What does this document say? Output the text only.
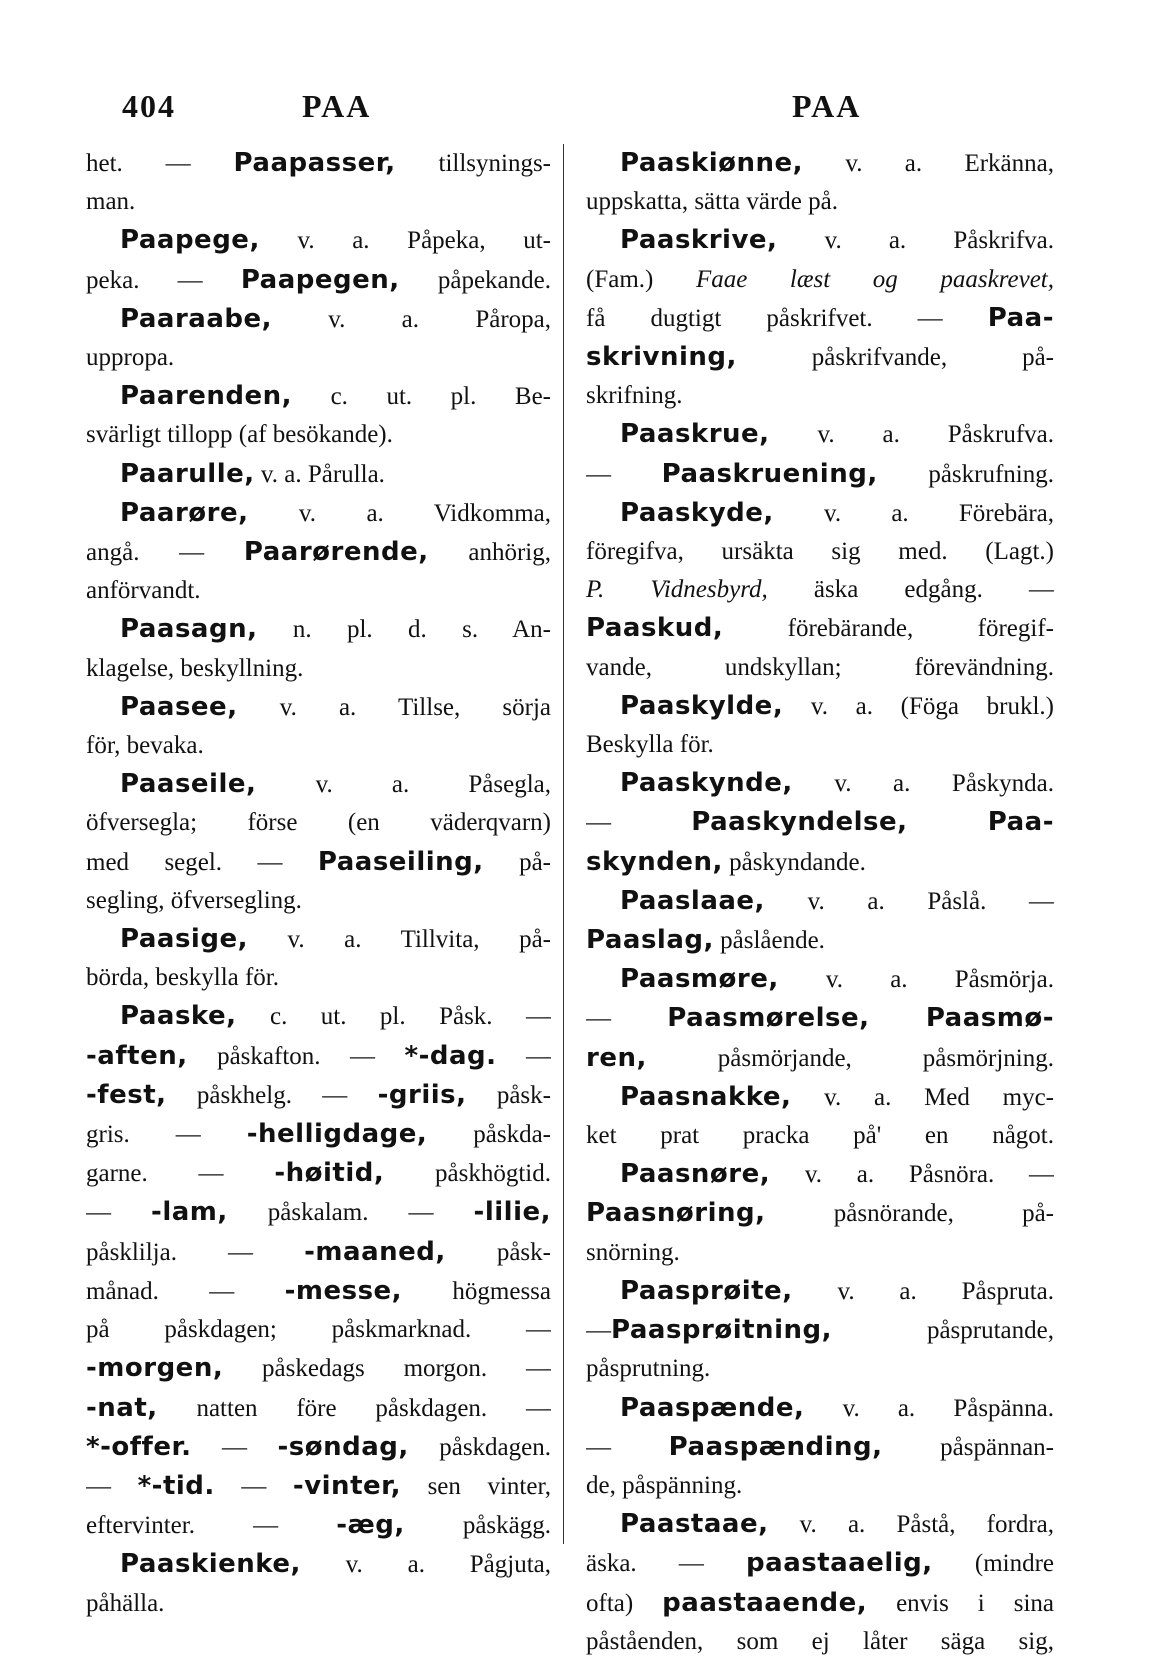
404	PAA	PAA
het. — Paapasser, tillsynings-
man.
Paapege, v. a. Påpeka, ut-
peka. — Paapegen, påpekande.
Paaraabe, v. a. Påropa,
uppropa.
Paarenden, c. ut. pl. Be-
svärligt tillopp (af besökande).
Paarulle, v. a. Pårulla.
Paarøre, v. a. Vidkomma,
angå. — Paarørende, anhörig,
anförvandt.
Paasagn, n. pl. d. s. An-
klagelse, beskyllning.
Paasee, v. a. Tillse, sörja
för, bevaka.
Paaseile, v. a. Påsegla,
öfversegla; förse (en väderqvarn)
med segel. — Paaseiling, på-
segling, öfversegling.
Paasige, v. a. Tillvita, på-
börda, beskylla för.
Paaske, c. ut. pl. Påsk. —
-aften, påskafton. — *-dag. —
-fest, påskhelg. — -griis, påsk-
gris. — -helligdage, påskda-
garne. — -høitid, påskhögtid.
— -lam, påskalam. — -lilie,
påsklilja. — -maaned, påsk-
månad. — -messe, högmessa
på påskdagen; påskmarknad. —
-morgen, påskedags morgon. —
-nat, natten före påskdagen. —
*-offer. — -søndag, påskdagen.
— *-tid. — -vinter, sen vinter,
eftervinter. — -æg, påskägg.
Paaskienke, v. a. Pågjuta,
påhälla.
Paaskiønne, v. a. Erkänna,
uppskatta, sätta värde på.
Paaskrive, v. a. Påskrifva.
(Fam.) Faae læst og paaskrevet,
få dugtigt påskrifvet. — Paa-
skrivning, påskrifvande, på-
skrifning.
Paaskrue, v. a. Påskrufva.
— Paaskruening, påskrufning.
Paaskyde, v. a. Förebära,
föregifva, ursäkta sig med. (Lagt.)
P. Vidnesbyrd, äska edgång. —
Paaskud, förebärande, föregif-
vande, undskyllan; förevändning.
Paaskylde, v. a. (Föga brukl.)
Beskylla för.
Paaskynde, v. a. Påskynda.
— Paaskyndelse,	Paa-
skynden, påskyndande.
Paaslaae, v. a. Påslå. —
Paaslag, påslående.
Paasmøre, v. a. Påsmörja.
— Paasmørelse, Paasmø-
ren, påsmörjande, påsmörjning.
Paasnakke, v. a. Med myc-
ket prat pracka på' en något.
Paasnøre, v. a. Påsnöra. —
Paasnøring, påsnörande, på-
snörning.
Paasprøite, v. a. Påspruta.
—Paasprøitning, påsprutande,
påsprutning.
Paaspænde, v. a. Påspänna.
— Paaspænding, påspännan-
de, påspänning.
Paastaae, v. a. Påstå, fordra,
äska. — paastaaelig, (mindre
ofta) paastaaende, envis i sina
påståenden, som ej låter säga sig,
